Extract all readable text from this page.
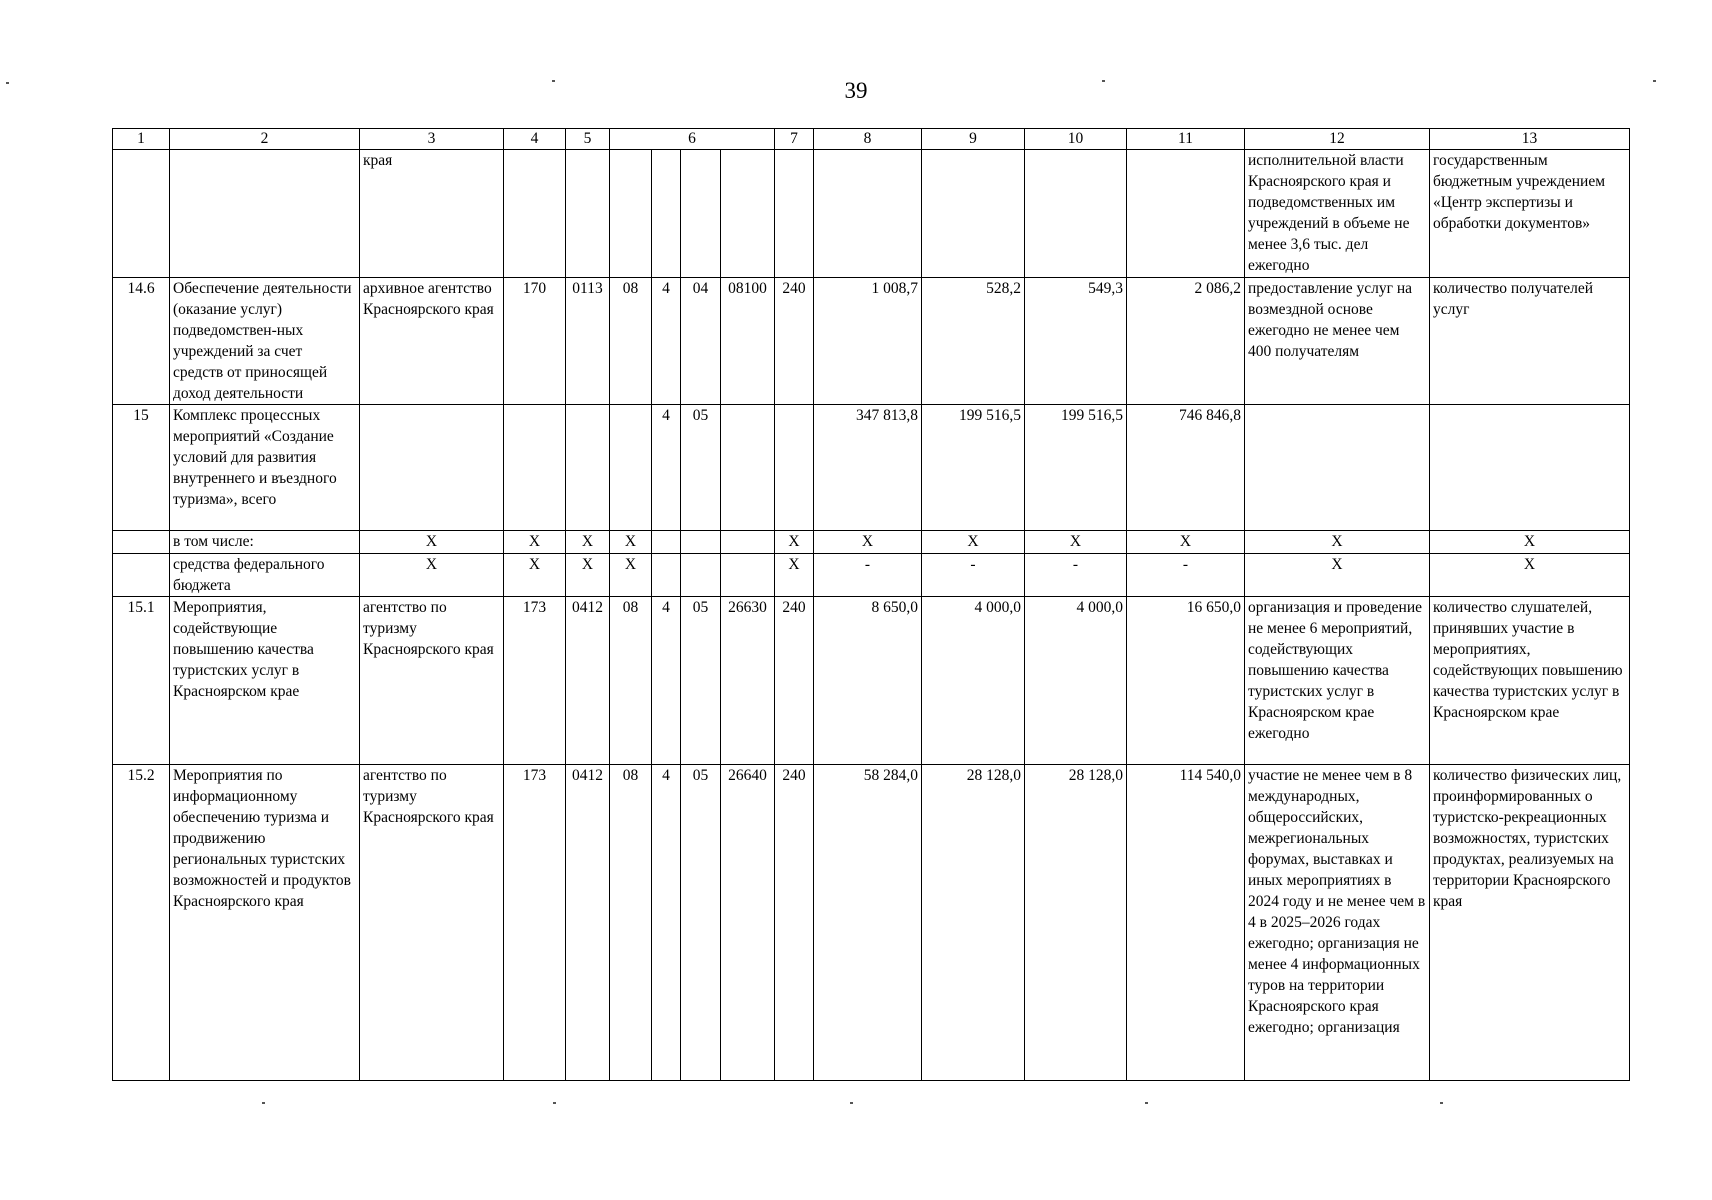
39
1	2	3	4	5	6				7	8	9	10	11	12	13
		края												исполнительной власти Красноярского края и подведомственных им учреждений в объеме не менее 3,6 тыс. дел ежегодно	государственным бюджетным учреждением «Центр экспертизы и обработки документов»
14.6	Обеспечение деятельности (оказание услуг) подведомствен-ных учреждений за счет средств от приносящей доход деятельности	архивное агентство Красноярского края	170	0113	08	4	04	08100	240	1 008,7	528,2	549,3	2 086,2	предоставление услуг на возмездной основе ежегодно не менее чем 400 получателям	количество получателей услуг
15	Комплекс процессных мероприятий «Создание условий для развития внутреннего и въездного туризма», всего					4	05			347 813,8	199 516,5	199 516,5	746 846,8		
	в том числе:	X	X	X	X				X	X	X	X	X	X	X
	средства федерального бюджета	X	X	X	X				X	-	-	-	-	X	X
15.1	Мероприятия, содействующие повышению качества туристских услуг в Красноярском крае	агентство по туризму Красноярского края	173	0412	08	4	05	26630	240	8 650,0	4 000,0	4 000,0	16 650,0	организация и проведение не менее 6 мероприятий, содействующих повышению качества туристских услуг в Красноярском крае ежегодно	количество слушателей, принявших участие в мероприятиях, содействующих повышению качества туристских услуг в Красноярском крае
15.2	Мероприятия по информационному обеспечению туризма и продвижению региональных туристских возможностей и продуктов Красноярского края	агентство по туризму Красноярского края	173	0412	08	4	05	26640	240	58 284,0	28 128,0	28 128,0	114 540,0	участие не менее чем в 8 международных, общероссийских, межрегиональных форумах, выставках и иных мероприятиях в 2024 году и не менее чем в 4 в 2025–2026 годах ежегодно; организация не менее 4 информационных туров на территории Красноярского края ежегодно; организация	количество физических лиц, проинформированных о туристско-рекреационных возможностях, туристских продуктах, реализуемых на территории Красноярского края
